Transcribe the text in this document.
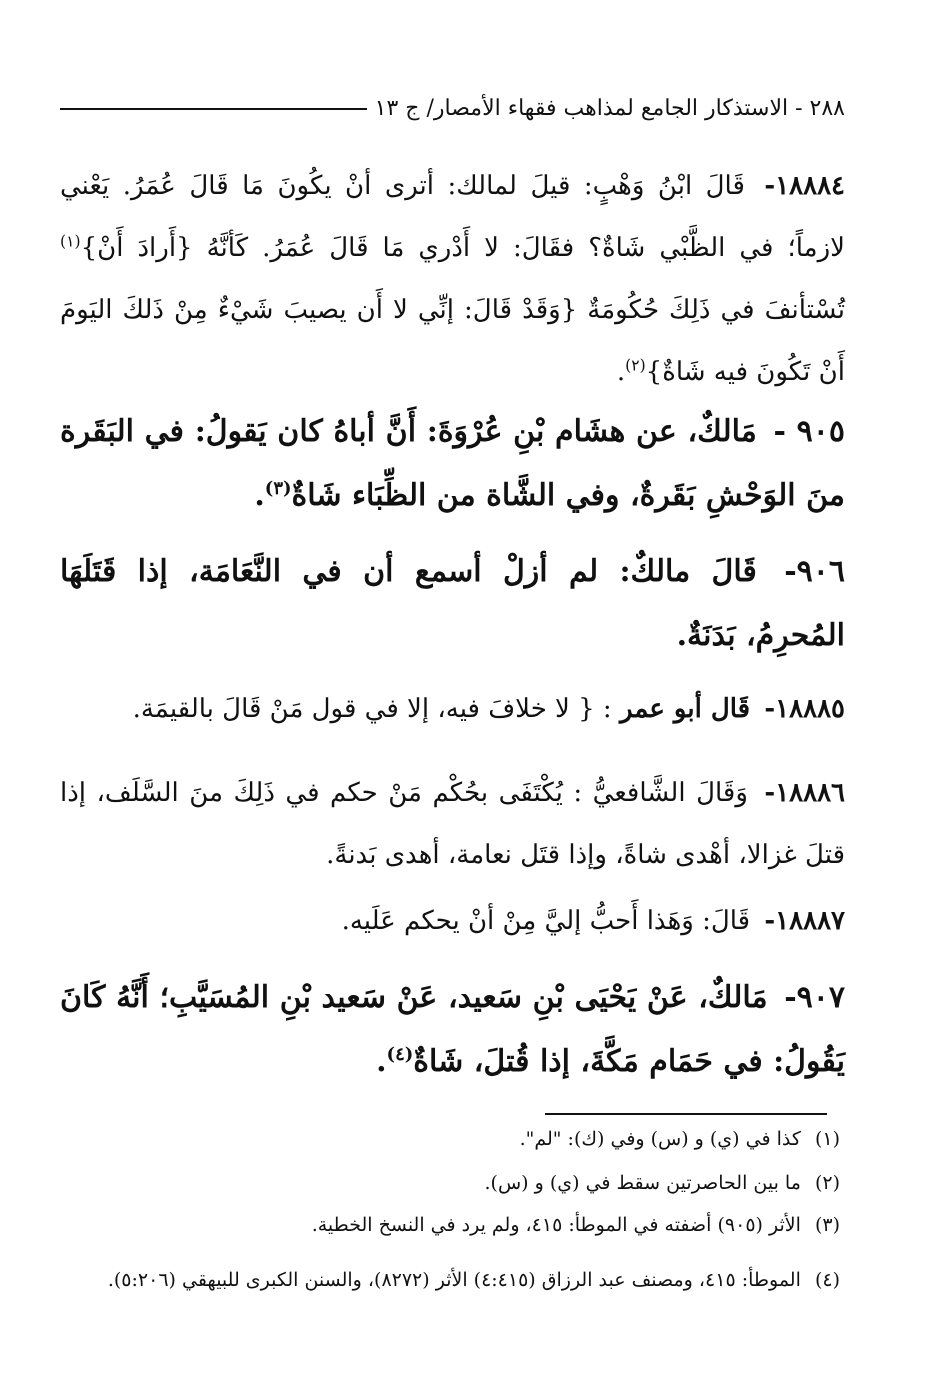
٢٨٨ - الاستذكار الجامع لمذاهب فقهاء الأمصار/ ج ١٣
١٨٨٨٤- قَالَ ابْنُ وَهْبٍ: قيلَ لمالك: أترى أنْ يكُونَ مَا قَالَ عُمَرُ. يَعْني لازماً؛ في الظَّبْي شَاةٌ؟ فقَالَ: لا أَدْري مَا قَالَ عُمَرُ. كَأنَّهُ {أَرادَ أَنْ}$^{(١)}$ تُسْتأنفَ في ذَلِكَ حُكُومَةٌ {وَقَدْ قَالَ: إنِّي لا أَن يصيبَ شَيْءٌ مِنْ ذَلكَ اليَومَ أَنْ تَكُونَ فيه شَاةٌ}$^{(٢)}$.
٩٠٥ - مَالكٌ، عن هشَام بْنِ عُرْوَةَ: أَنَّ أباهُ كان يَقولُ: في البَقَرة منَ الوَحْشِ بَقَرةٌ، وفي الشَّاة من الظِّبَاء شَاةٌ$^{(٣)}$.
٩٠٦- قَالَ مالكٌ: لم أزلْ أسمع أن في النَّعَامَة، إذا قَتَلَهَا المُحرِمُ، بَدَنَةٌ.
١٨٨٨٥- قَال أبو عمر : { لا خلافَ فيه، إلا في قول مَنْ قَالَ بالقيمَة.
١٨٨٨٦- وَقَالَ الشَّافعيُّ : يُكْتَفَى بحُكْم مَنْ حكم في ذَلِكَ منَ السَّلَف، إذا قتلَ غزالا، أهْدى شاةً، وإذا قتَل نعامة، أهدى بَدنةً.
١٨٨٨٧- قَالَ: وَهَذا أَحبُّ إليَّ مِنْ أنْ يحكم عَلَيه.
٩٠٧- مَالكٌ، عَنْ يَحْيَى بْنِ سَعيد، عَنْ سَعيد بْنِ المُسَيَّبِ؛ أَنَّهُ كَانَ يَقُولُ: في حَمَام مَكَّةَ، إذا قُتلَ، شَاةٌ$^{(٤)}$.
(١) كذا في (ي) و (س) وفي (ك): "لم".
(٢) ما بين الحاصرتين سقط في (ي) و (س).
(٣) الأثر (٩٠٥) أضفته في الموطأ: ٤١٥، ولم يرد في النسخ الخطية.
(٤) الموطأ: ٤١٥، ومصنف عبد الرزاق (٤:٤١٥) الأثر (٨٢٧٢)، والسنن الكبرى للبيهقي (٥:٢٠٦).
